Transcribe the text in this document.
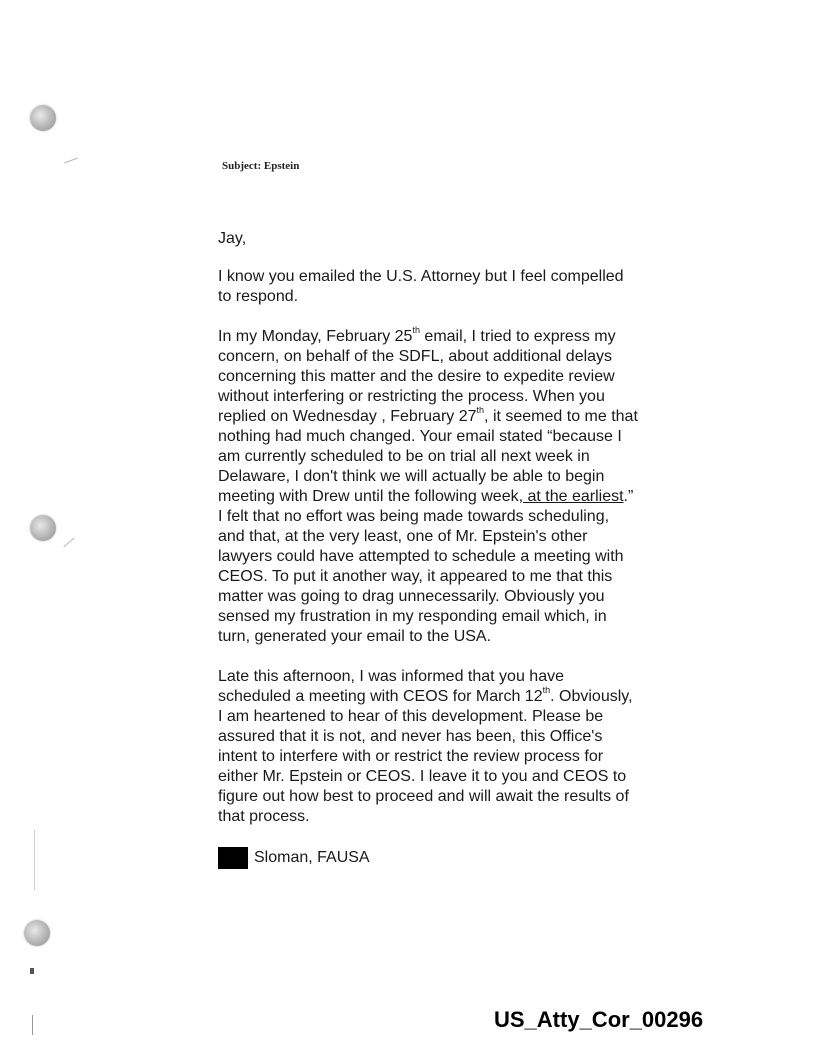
Subject: Epstein

Jay,

I know you emailed the U.S. Attorney but I feel compelled to respond.

In my Monday, February 25th email, I tried to express my concern, on behalf of the SDFL, about additional delays concerning this matter and the desire to expedite review without interfering or restricting the process. When you replied on Wednesday , February 27th, it seemed to me that nothing had much changed. Your email stated “because I am currently scheduled to be on trial all next week in Delaware, I don't think we will actually be able to begin meeting with Drew until the following week, at the earliest.” I felt that no effort was being made towards scheduling, and that, at the very least, one of Mr. Epstein's other lawyers could have attempted to schedule a meeting with CEOS. To put it another way, it appeared to me that this matter was going to drag unnecessarily. Obviously you sensed my frustration in my responding email which, in turn, generated your email to the USA.

Late this afternoon, I was informed that you have scheduled a meeting with CEOS for March 12th. Obviously, I am heartened to hear of this development. Please be assured that it is not, and never has been, this Office's intent to interfere with or restrict the review process for either Mr. Epstein or CEOS. I leave it to you and CEOS to figure out how best to proceed and will await the results of that process.

Sloman, FAUSA
US_Atty_Cor_00296
